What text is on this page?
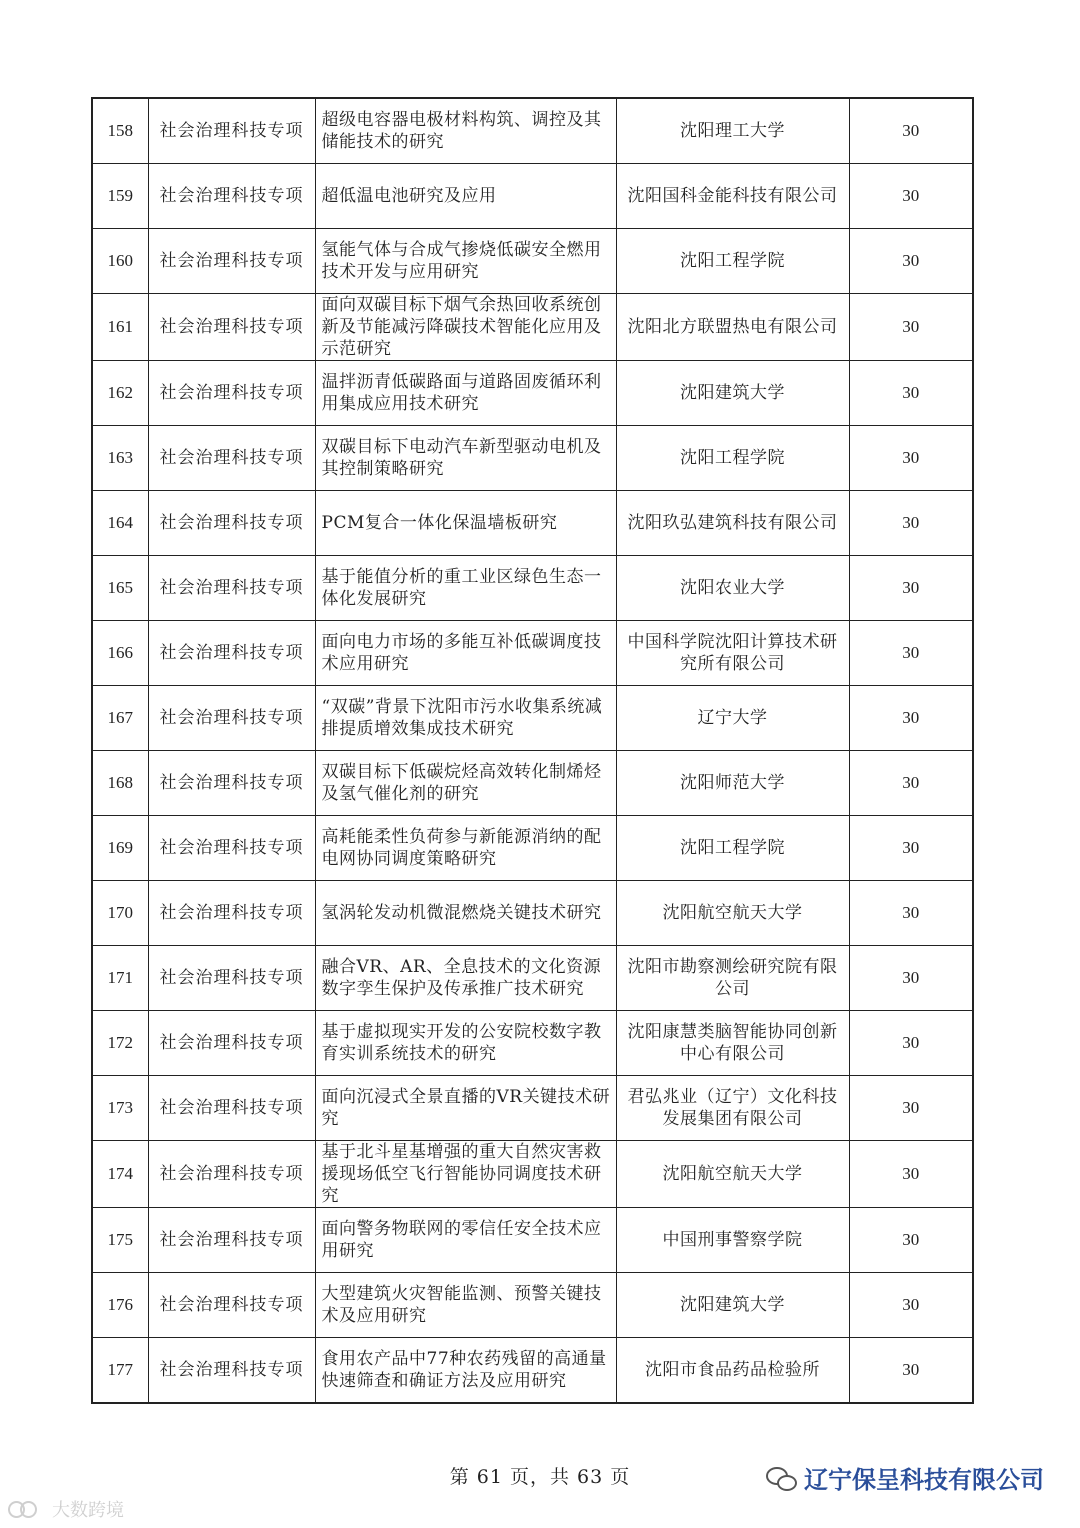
158	社会治理科技专项	超级电容器电极材料构筑、调控及其储能技术的研究	沈阳理工大学	30
159	社会治理科技专项	超低温电池研究及应用	沈阳国科金能科技有限公司	30
160	社会治理科技专项	氢能气体与合成气掺烧低碳安全燃用技术开发与应用研究	沈阳工程学院	30
161	社会治理科技专项	面向双碳目标下烟气余热回收系统创新及节能减污降碳技术智能化应用及示范研究	沈阳北方联盟热电有限公司	30
162	社会治理科技专项	温拌沥青低碳路面与道路固废循环利用集成应用技术研究	沈阳建筑大学	30
163	社会治理科技专项	双碳目标下电动汽车新型驱动电机及其控制策略研究	沈阳工程学院	30
164	社会治理科技专项	PCM复合一体化保温墙板研究	沈阳玖弘建筑科技有限公司	30
165	社会治理科技专项	基于能值分析的重工业区绿色生态一体化发展研究	沈阳农业大学	30
166	社会治理科技专项	面向电力市场的多能互补低碳调度技术应用研究	中国科学院沈阳计算技术研究所有限公司	30
167	社会治理科技专项	“双碳”背景下沈阳市污水收集系统减排提质增效集成技术研究	辽宁大学	30
168	社会治理科技专项	双碳目标下低碳烷烃高效转化制烯烃及氢气催化剂的研究	沈阳师范大学	30
169	社会治理科技专项	高耗能柔性负荷参与新能源消纳的配电网协同调度策略研究	沈阳工程学院	30
170	社会治理科技专项	氢涡轮发动机微混燃烧关键技术研究	沈阳航空航天大学	30
171	社会治理科技专项	融合VR、AR、全息技术的文化资源数字孪生保护及传承推广技术研究	沈阳市勘察测绘研究院有限公司	30
172	社会治理科技专项	基于虚拟现实开发的公安院校数字教育实训系统技术的研究	沈阳康慧类脑智能协同创新中心有限公司	30
173	社会治理科技专项	面向沉浸式全景直播的VR关键技术研究	君弘兆业（辽宁）文化科技发展集团有限公司	30
174	社会治理科技专项	基于北斗星基增强的重大自然灾害救援现场低空飞行智能协同调度技术研究	沈阳航空航天大学	30
175	社会治理科技专项	面向警务物联网的零信任安全技术应用研究	中国刑事警察学院	30
176	社会治理科技专项	大型建筑火灾智能监测、预警关键技术及应用研究	沈阳建筑大学	30
177	社会治理科技专项	食用农产品中77种农药残留的高通量快速筛查和确证方法及应用研究	沈阳市食品药品检验所	30
第 61 页，共 63 页	辽宁保呈科技有限公司
大数跨境
